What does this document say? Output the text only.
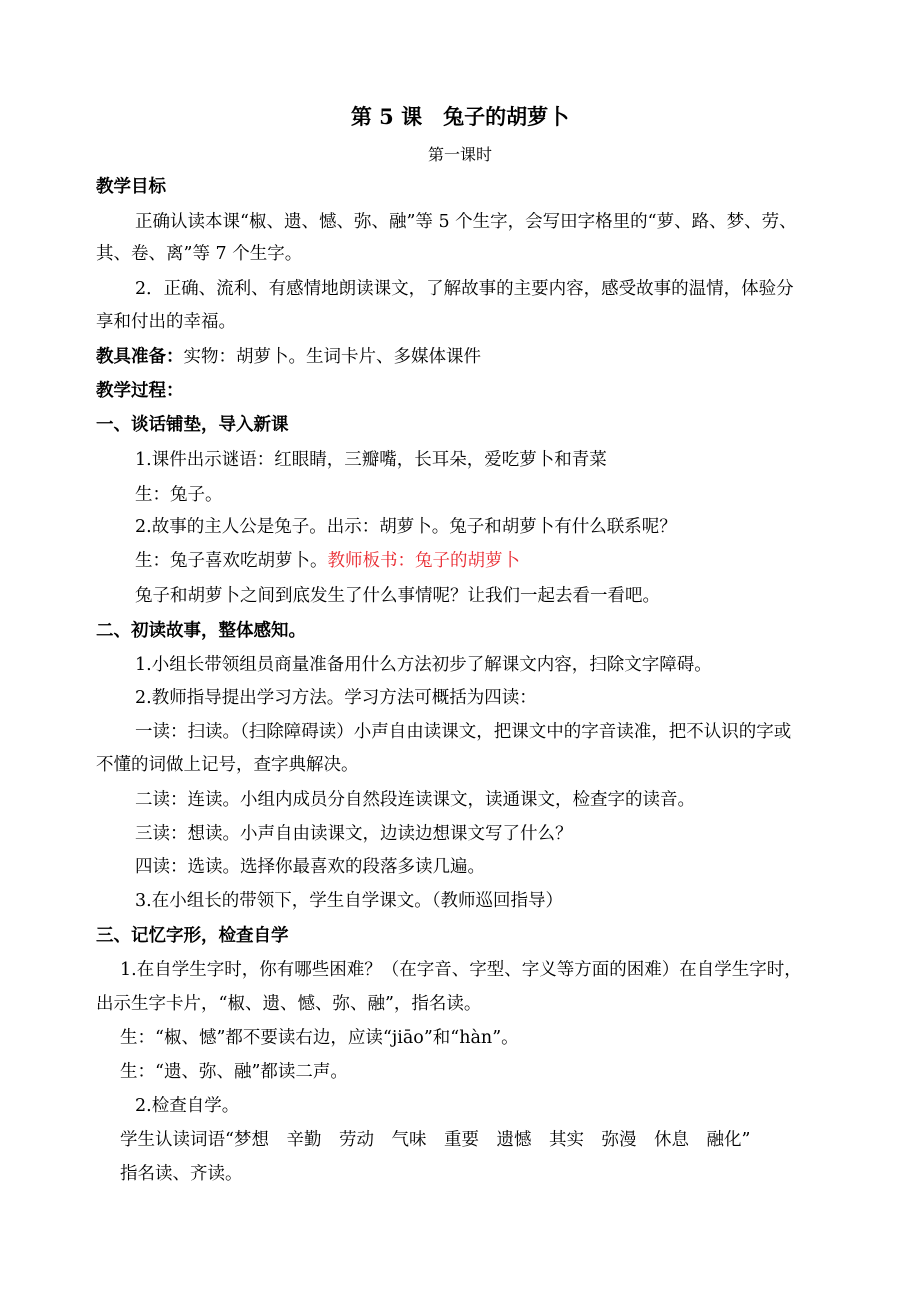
第 5 课　兔子的胡萝卜
第一课时
教学目标
正确认读本课“椒、遗、憾、弥、融”等 5 个生字，会写田字格里的“萝、路、梦、劳、
其、卷、离”等 7 个生字。
2．正确、流利、有感情地朗读课文，了解故事的主要内容，感受故事的温情，体验分
享和付出的幸福。
教具准备：实物：胡萝卜。生词卡片、多媒体课件
教学过程：
一、谈话铺垫，导入新课
1.课件出示谜语：红眼睛，三瓣嘴，长耳朵，爱吃萝卜和青菜
生：兔子。
2.故事的主人公是兔子。出示：胡萝卜。兔子和胡萝卜有什么联系呢？
生：兔子喜欢吃胡萝卜。教师板书：兔子的胡萝卜
兔子和胡萝卜之间到底发生了什么事情呢？让我们一起去看一看吧。
二、初读故事，整体感知。
1.小组长带领组员商量准备用什么方法初步了解课文内容，扫除文字障碍。
2.教师指导提出学习方法。学习方法可概括为四读：
一读：扫读。（扫除障碍读）小声自由读课文，把课文中的字音读准，把不认识的字或
不懂的词做上记号，查字典解决。
二读：连读。小组内成员分自然段连读课文，读通课文，检查字的读音。
三读：想读。小声自由读课文，边读边想课文写了什么？
四读：选读。选择你最喜欢的段落多读几遍。
3.在小组长的带领下，学生自学课文。（教师巡回指导）
三、记忆字形，检查自学
1.在自学生字时，你有哪些困难？（在字音、字型、字义等方面的困难）在自学生字时，
出示生字卡片，“椒、遗、憾、弥、融”，指名读。
生：“椒、憾”都不要读右边，应读“jiāo”和“hàn”。
生：“遗、弥、融”都读二声。
2.检查自学。
学生认读词语“梦想　辛勤　劳动　气味　重要　遗憾　其实　弥漫　休息　融化”
指名读、齐读。
